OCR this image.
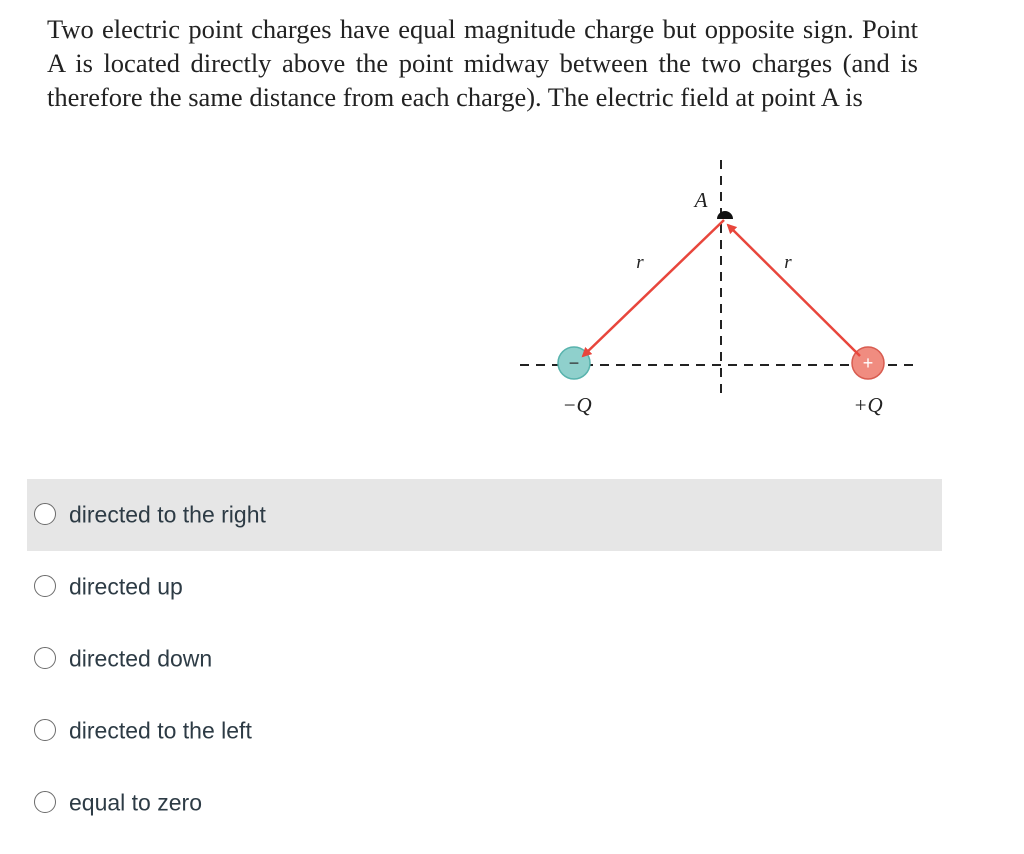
Two electric point charges have equal magnitude charge but opposite sign. Point A is located directly above the point midway between the two charges (and is therefore the same distance from each charge). The electric field at point A is
−	+
A
r	r
−Q	+Q
directed to the right
directed up
directed down
directed to the left
equal to zero
